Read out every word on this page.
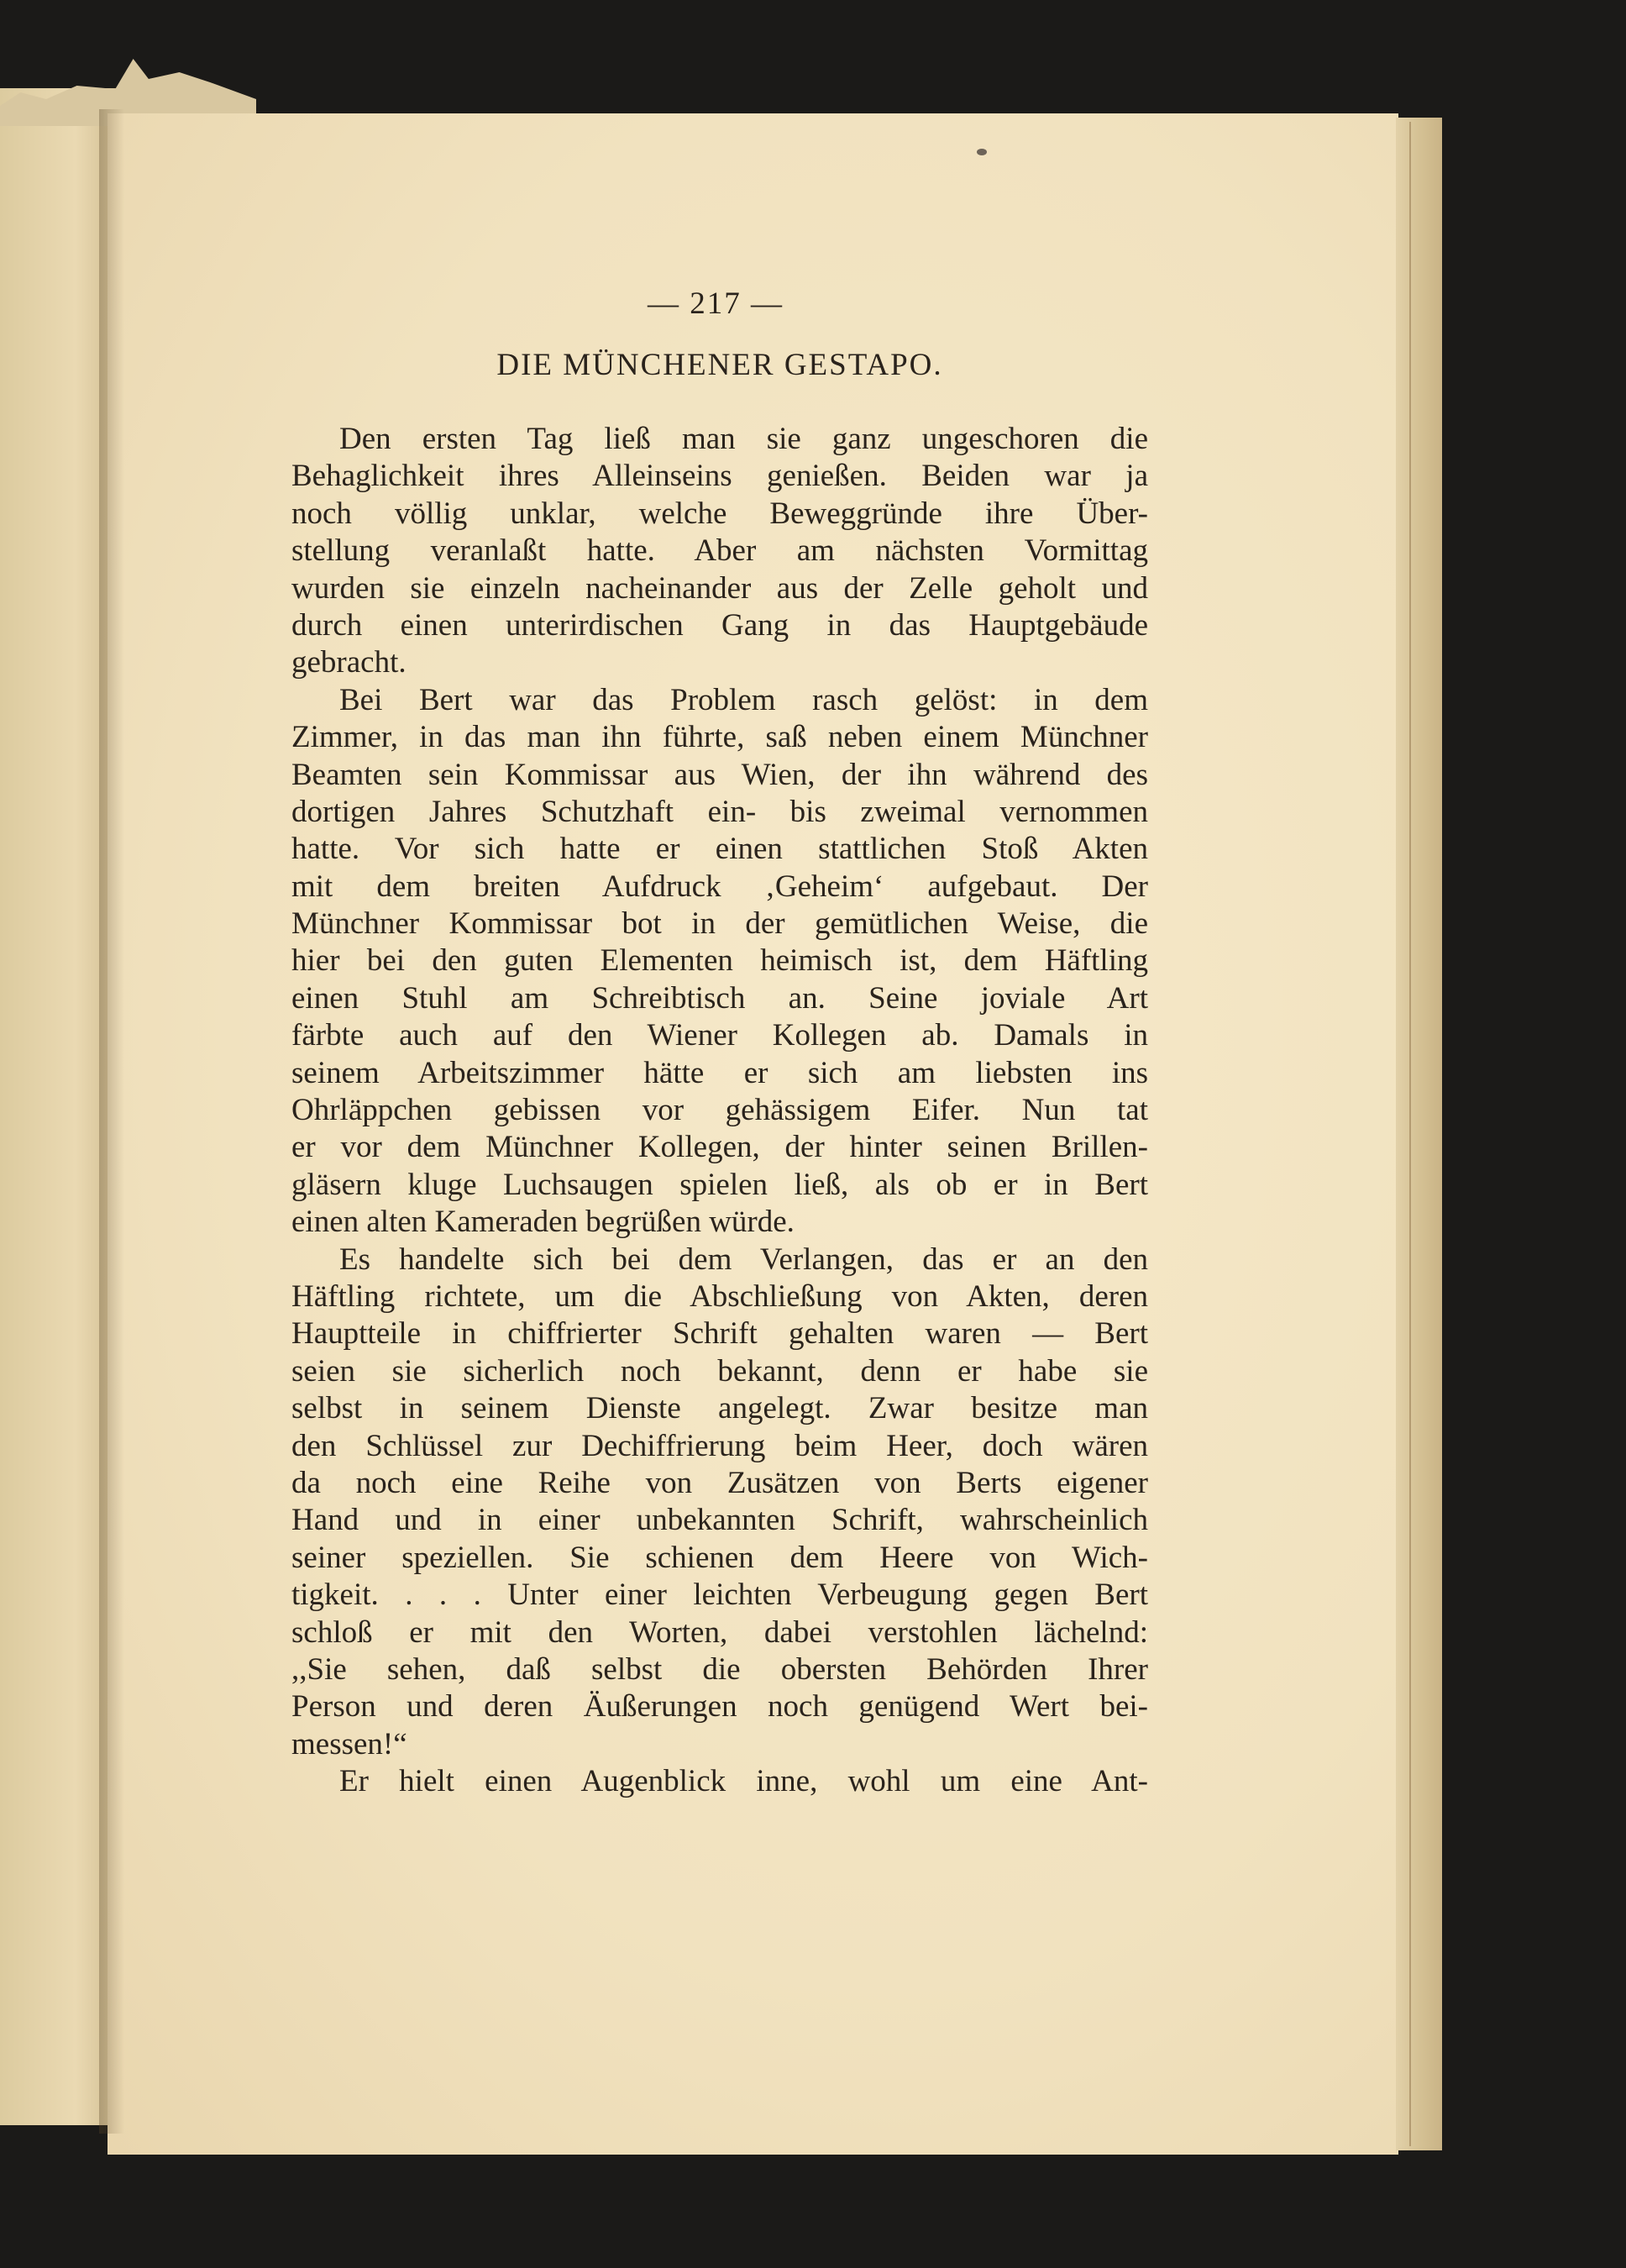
— 217 —
DIE MÜNCHENER GESTAPO.
Den ersten Tag ließ man sie ganz ungeschoren die
Behaglichkeit ihres Alleinseins genießen. Beiden war ja
noch völlig unklar, welche Beweggründe ihre Über-
stellung veranlaßt hatte. Aber am nächsten Vormittag
wurden sie einzeln nacheinander aus der Zelle geholt und
durch einen unterirdischen Gang in das Hauptgebäude
gebracht.
Bei Bert war das Problem rasch gelöst: in dem
Zimmer, in das man ihn führte, saß neben einem Münchner
Beamten sein Kommissar aus Wien, der ihn während des
dortigen Jahres Schutzhaft ein- bis zweimal vernommen
hatte. Vor sich hatte er einen stattlichen Stoß Akten
mit dem breiten Aufdruck ‚Geheim‘ aufgebaut. Der
Münchner Kommissar bot in der gemütlichen Weise, die
hier bei den guten Elementen heimisch ist, dem Häftling
einen Stuhl am Schreibtisch an. Seine joviale Art
färbte auch auf den Wiener Kollegen ab. Damals in
seinem Arbeitszimmer hätte er sich am liebsten ins
Ohrläppchen gebissen vor gehässigem Eifer. Nun tat
er vor dem Münchner Kollegen, der hinter seinen Brillen-
gläsern kluge Luchsaugen spielen ließ, als ob er in Bert
einen alten Kameraden begrüßen würde.
Es handelte sich bei dem Verlangen, das er an den
Häftling richtete, um die Abschließung von Akten, deren
Hauptteile in chiffrierter Schrift gehalten waren — Bert
seien sie sicherlich noch bekannt, denn er habe sie
selbst in seinem Dienste angelegt. Zwar besitze man
den Schlüssel zur Dechiffrierung beim Heer, doch wären
da noch eine Reihe von Zusätzen von Berts eigener
Hand und in einer unbekannten Schrift, wahrscheinlich
seiner speziellen. Sie schienen dem Heere von Wich-
tigkeit. . . . Unter einer leichten Verbeugung gegen Bert
schloß er mit den Worten, dabei verstohlen lächelnd:
,,Sie sehen, daß selbst die obersten Behörden Ihrer
Person und deren Äußerungen noch genügend Wert bei-
messen!“
Er hielt einen Augenblick inne, wohl um eine Ant-
